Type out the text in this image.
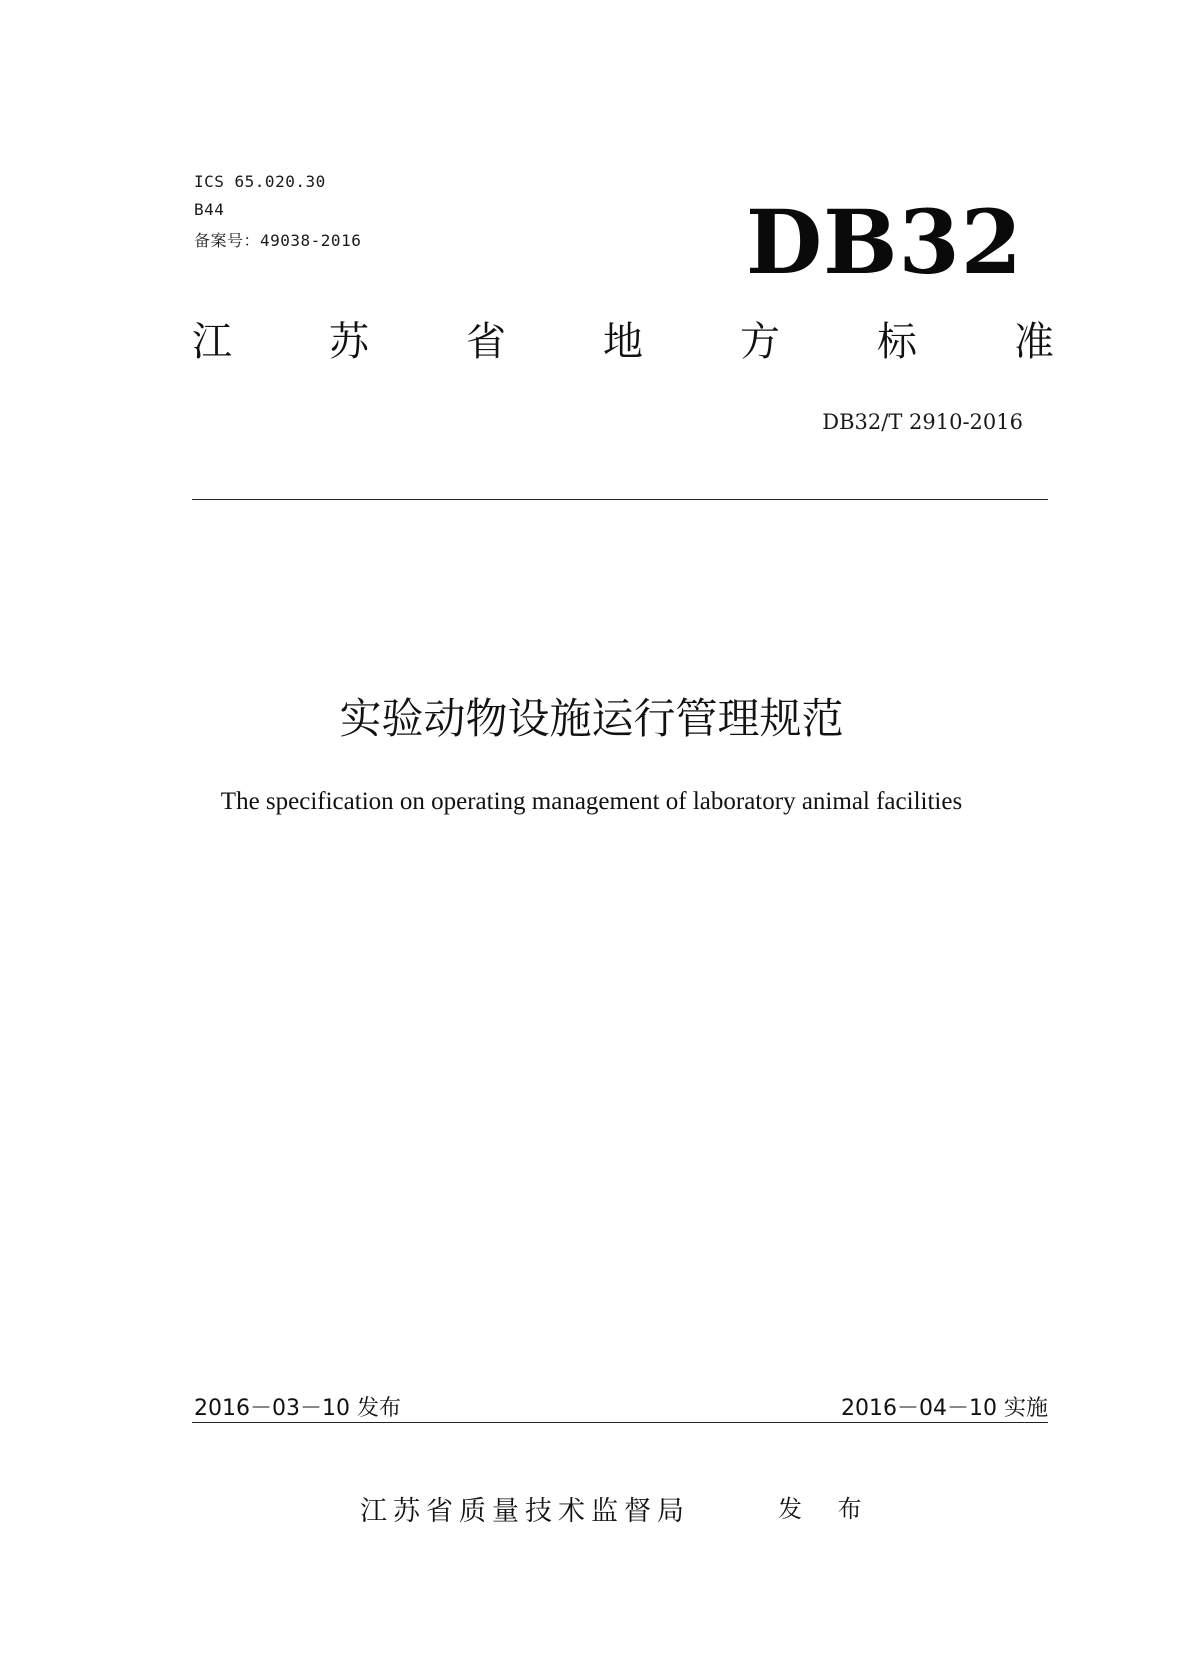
ICS 65.020.30
B44
备案号：49038-2016	DB32
江 苏 省 地 方 标 准
DB32/T 2910-2016
实验动物设施运行管理规范
The specification on operating management of laboratory animal facilities
2016－03－10 发布	2016－04－10 实施
江苏省质量技术监督局	发 布
